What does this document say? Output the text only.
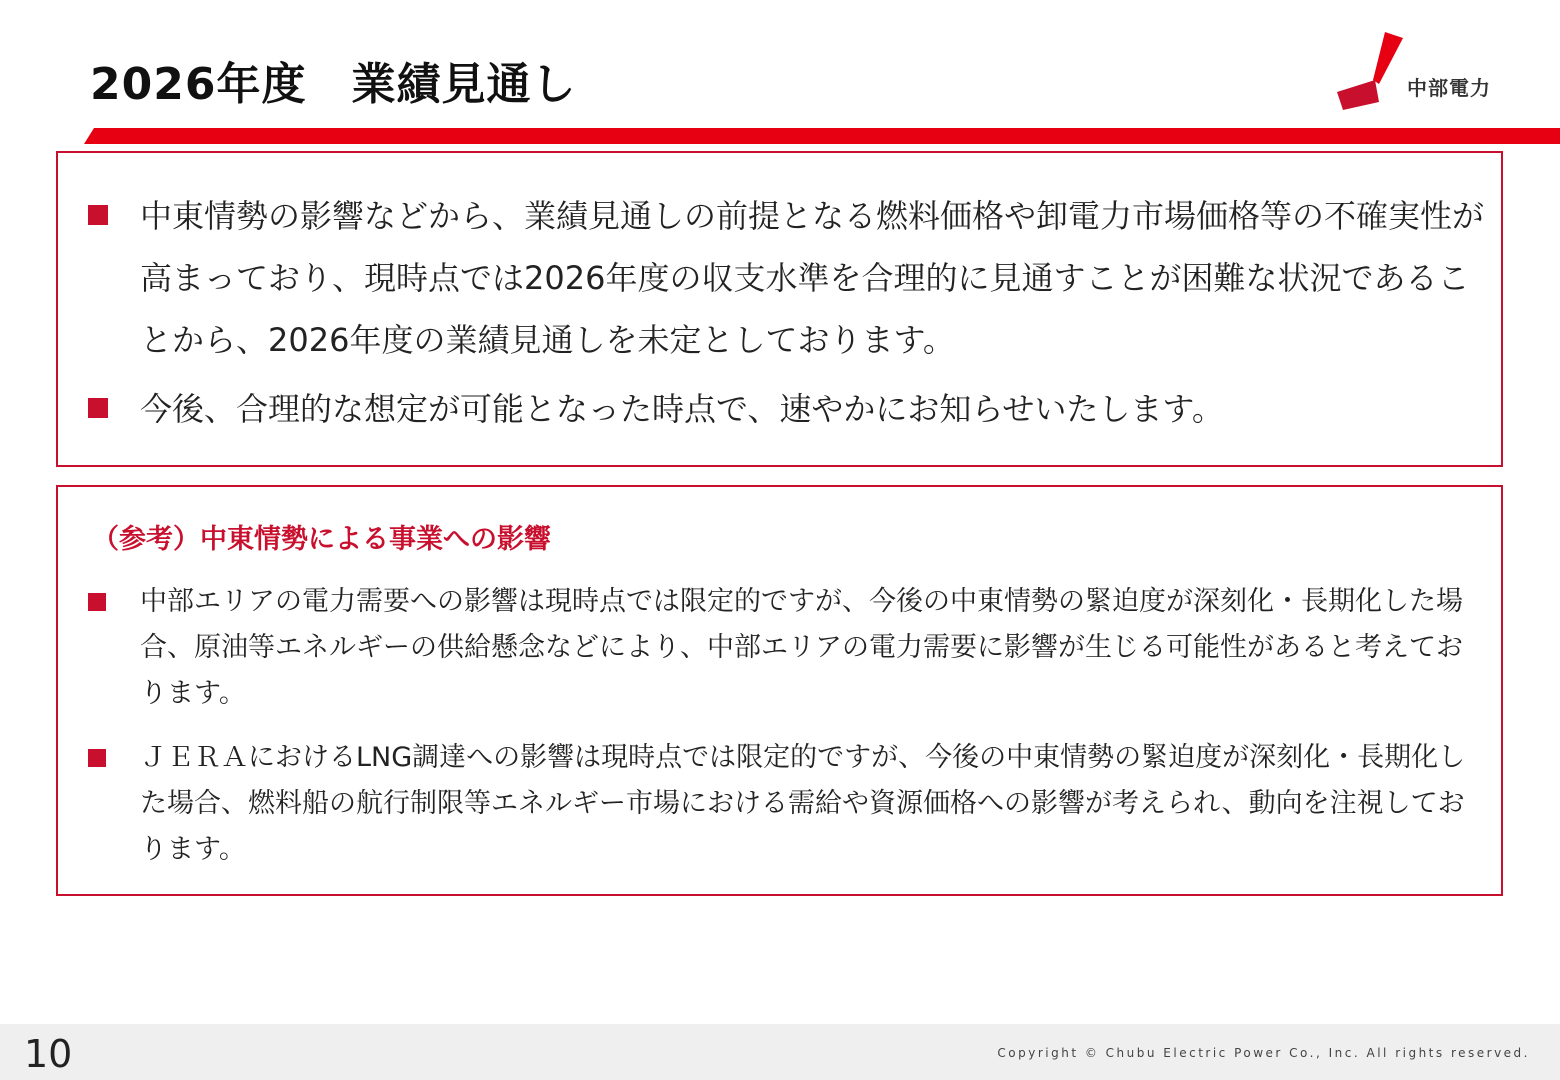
2026年度　業績見通し	中部電力
中東情勢の影響などから、業績見通しの前提となる燃料価格や卸電力市場価格等の不確実性が高まっており、現時点では2026年度の収支水準を合理的に見通すことが困難な状況であることから、2026年度の業績見通しを未定としております。
今後、合理的な想定が可能となった時点で、速やかにお知らせいたします。
（参考）中東情勢による事業への影響
中部エリアの電力需要への影響は現時点では限定的ですが、今後の中東情勢の緊迫度が深刻化・長期化した場合、原油等エネルギーの供給懸念などにより、中部エリアの電力需要に影響が生じる可能性があると考えております。
ＪＥＲＡにおけるLNG調達への影響は現時点では限定的ですが、今後の中東情勢の緊迫度が深刻化・長期化した場合、燃料船の航行制限等エネルギー市場における需給や資源価格への影響が考えられ、動向を注視しております。
10	Copyright © Chubu Electric Power Co., Inc. All rights reserved.
